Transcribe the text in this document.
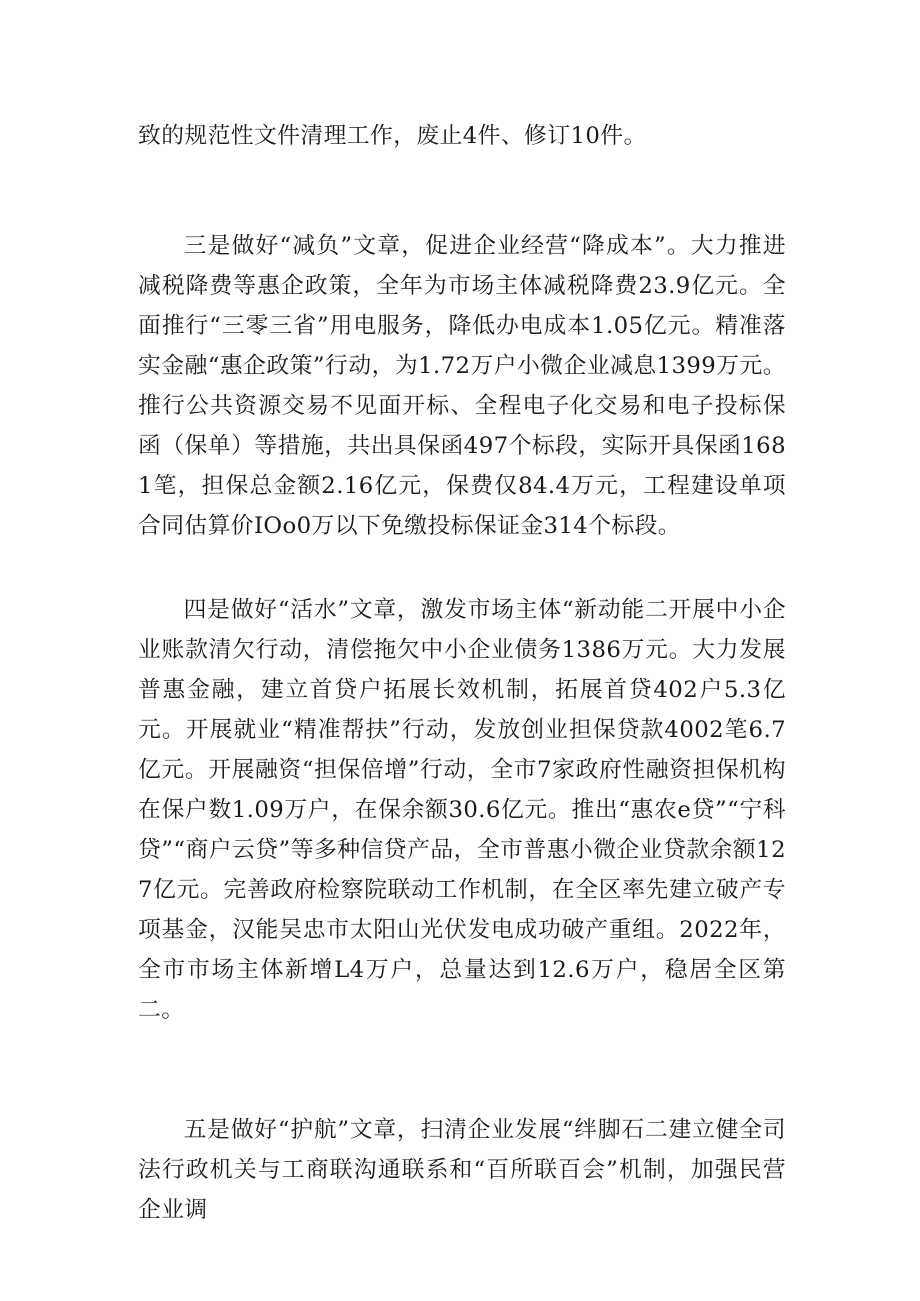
致的规范性文件清理工作，废止4件、修订10件。

三是做好“减负”文章，促进企业经营“降成本”。大力推进减税降费等惠企政策，全年为市场主体减税降费23.9亿元。全面推行“三零三省”用电服务，降低办电成本1.05亿元。精准落实金融“惠企政策”行动，为1.72万户小微企业减息1399万元。推行公共资源交易不见面开标、全程电子化交易和电子投标保函（保单）等措施，共出具保函497个标段，实际开具保函1681笔，担保总金额2.16亿元，保费仅84.4万元，工程建设单项合同估算价IOo0万以下免缴投标保证金314个标段。

四是做好“活水”文章，激发市场主体“新动能二开展中小企业账款清欠行动，清偿拖欠中小企业债务1386万元。大力发展普惠金融，建立首贷户拓展长效机制，拓展首贷402户5.3亿元。开展就业“精准帮扶”行动，发放创业担保贷款4002笔6.7亿元。开展融资“担保倍增”行动，全市7家政府性融资担保机构在保户数1.09万户，在保余额30.6亿元。推出“惠农e贷”“宁科贷”“商户云贷”等多种信贷产品，全市普惠小微企业贷款余额127亿元。完善政府检察院联动工作机制，在全区率先建立破产专项基金，汉能吴忠市太阳山光伏发电成功破产重组。2022年，全市市场主体新增L4万户，总量达到12.6万户，稳居全区第二。

五是做好“护航”文章，扫清企业发展“绊脚石二建立健全司法行政机关与工商联沟通联系和“百所联百会”机制，加强民营企业调
